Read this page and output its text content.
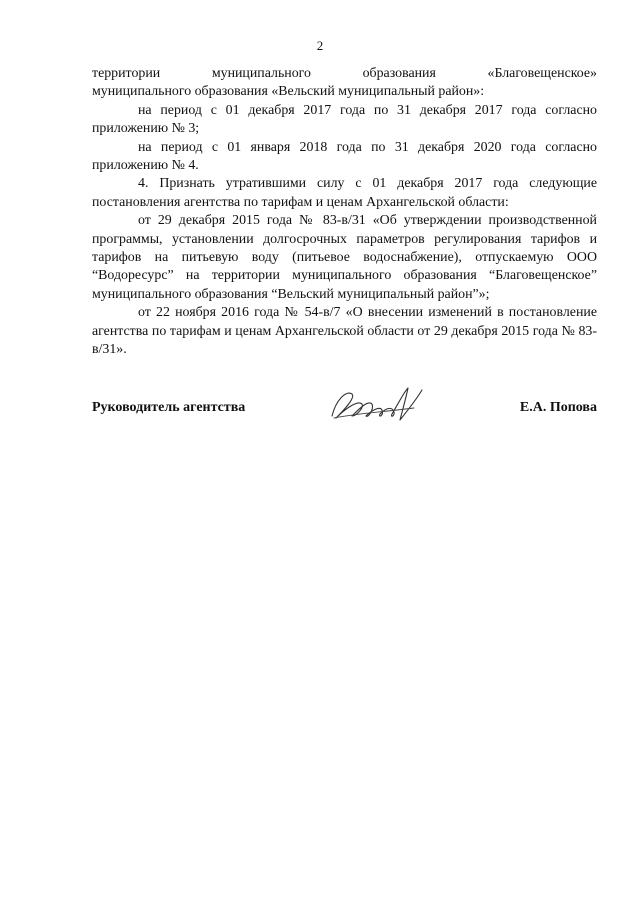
2

территории муниципального образования «Благовещенское»

муниципального образования «Вельский муниципальный район»:

на период с 01 декабря 2017 года по 31 декабря 2017 года согласно приложению № 3;

на период с 01 января 2018 года по 31 декабря 2020 года согласно приложению № 4.

4. Признать утратившими силу с 01 декабря 2017 года следующие постановления агентства по тарифам и ценам Архангельской области:

от 29 декабря 2015 года № 83-в/31 «Об утверждении производственной программы, установлении долгосрочных параметров регулирования тарифов и тарифов на питьевую воду (питьевое водоснабжение), отпускаемую ООО “Водоресурс” на территории муниципального образования “Благовещенское” муниципального образования “Вельский муниципальный район”»;

от 22 ноября 2016 года № 54-в/7 «О внесении изменений в постановление агентства по тарифам и ценам Архангельской области от 29 декабря 2015 года № 83-в/31».

Руководитель агентства	Е.А. Попова
